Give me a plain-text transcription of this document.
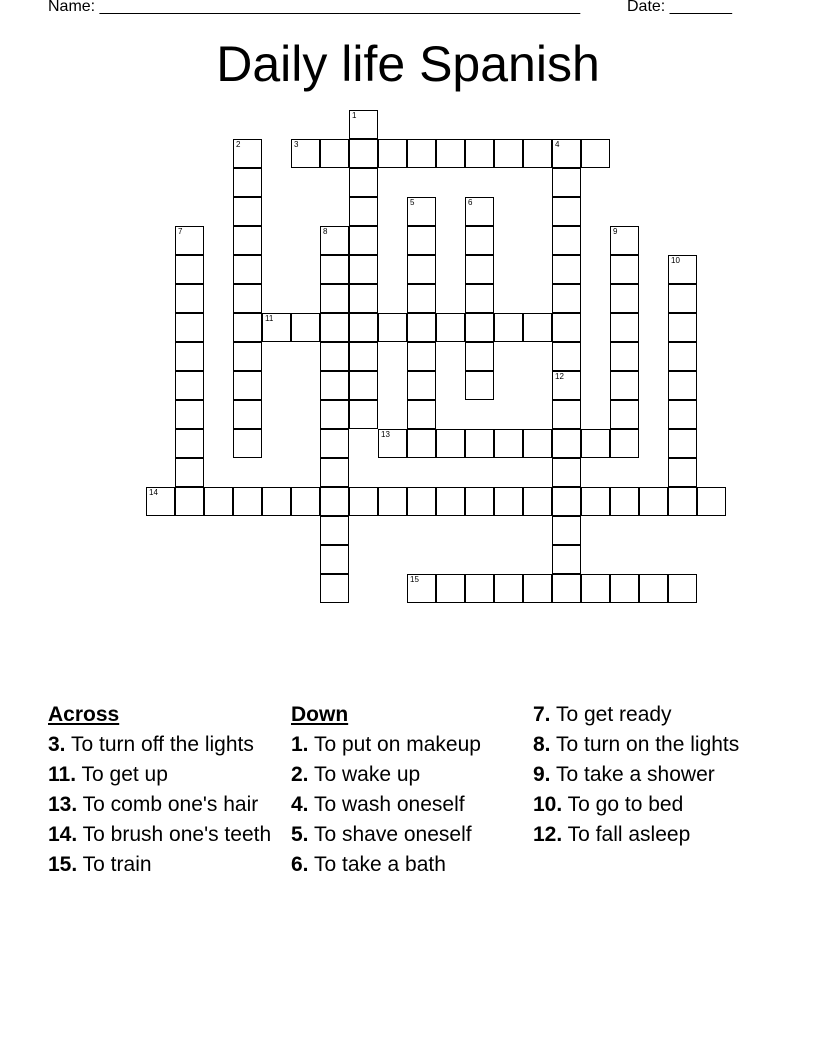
Name: ______________________________________________________	Date: _______
Daily life Spanish
3	4
11
13
14
15
1
2
5	6
7	8	9
10
12
Across
3. To turn off the lights
11. To get up
13. To comb one's hair
14. To brush one's teeth
15. To train
Down
1. To put on makeup
2. To wake up
4. To wash oneself
5. To shave oneself
6. To take a bath
7. To get ready
8. To turn on the lights
9. To take a shower
10. To go to bed
12. To fall asleep
